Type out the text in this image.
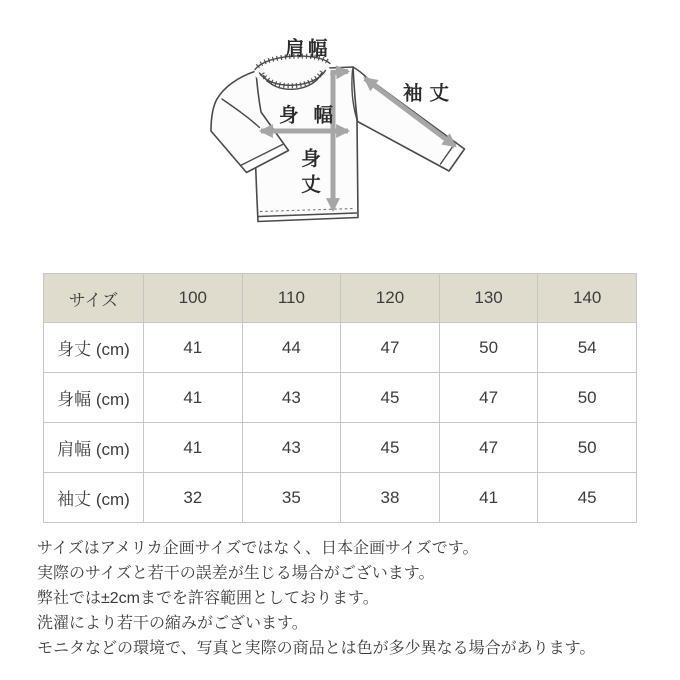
肩幅
袖丈
身幅
身
丈
サイズ	100	110	120	130	140
身丈 (cm)	41	44	47	50	54
身幅 (cm)	41	43	45	47	50
肩幅 (cm)	41	43	45	47	50
袖丈 (cm)	32	35	38	41	45

サイズはアメリカ企画サイズではなく、日本企画サイズです。

実際のサイズと若干の誤差が生じる場合がございます。

弊社では±2cmまでを許容範囲としております。

洗濯により若干の縮みがございます。

モニタなどの環境で、写真と実際の商品とは色が多少異なる場合があります。
